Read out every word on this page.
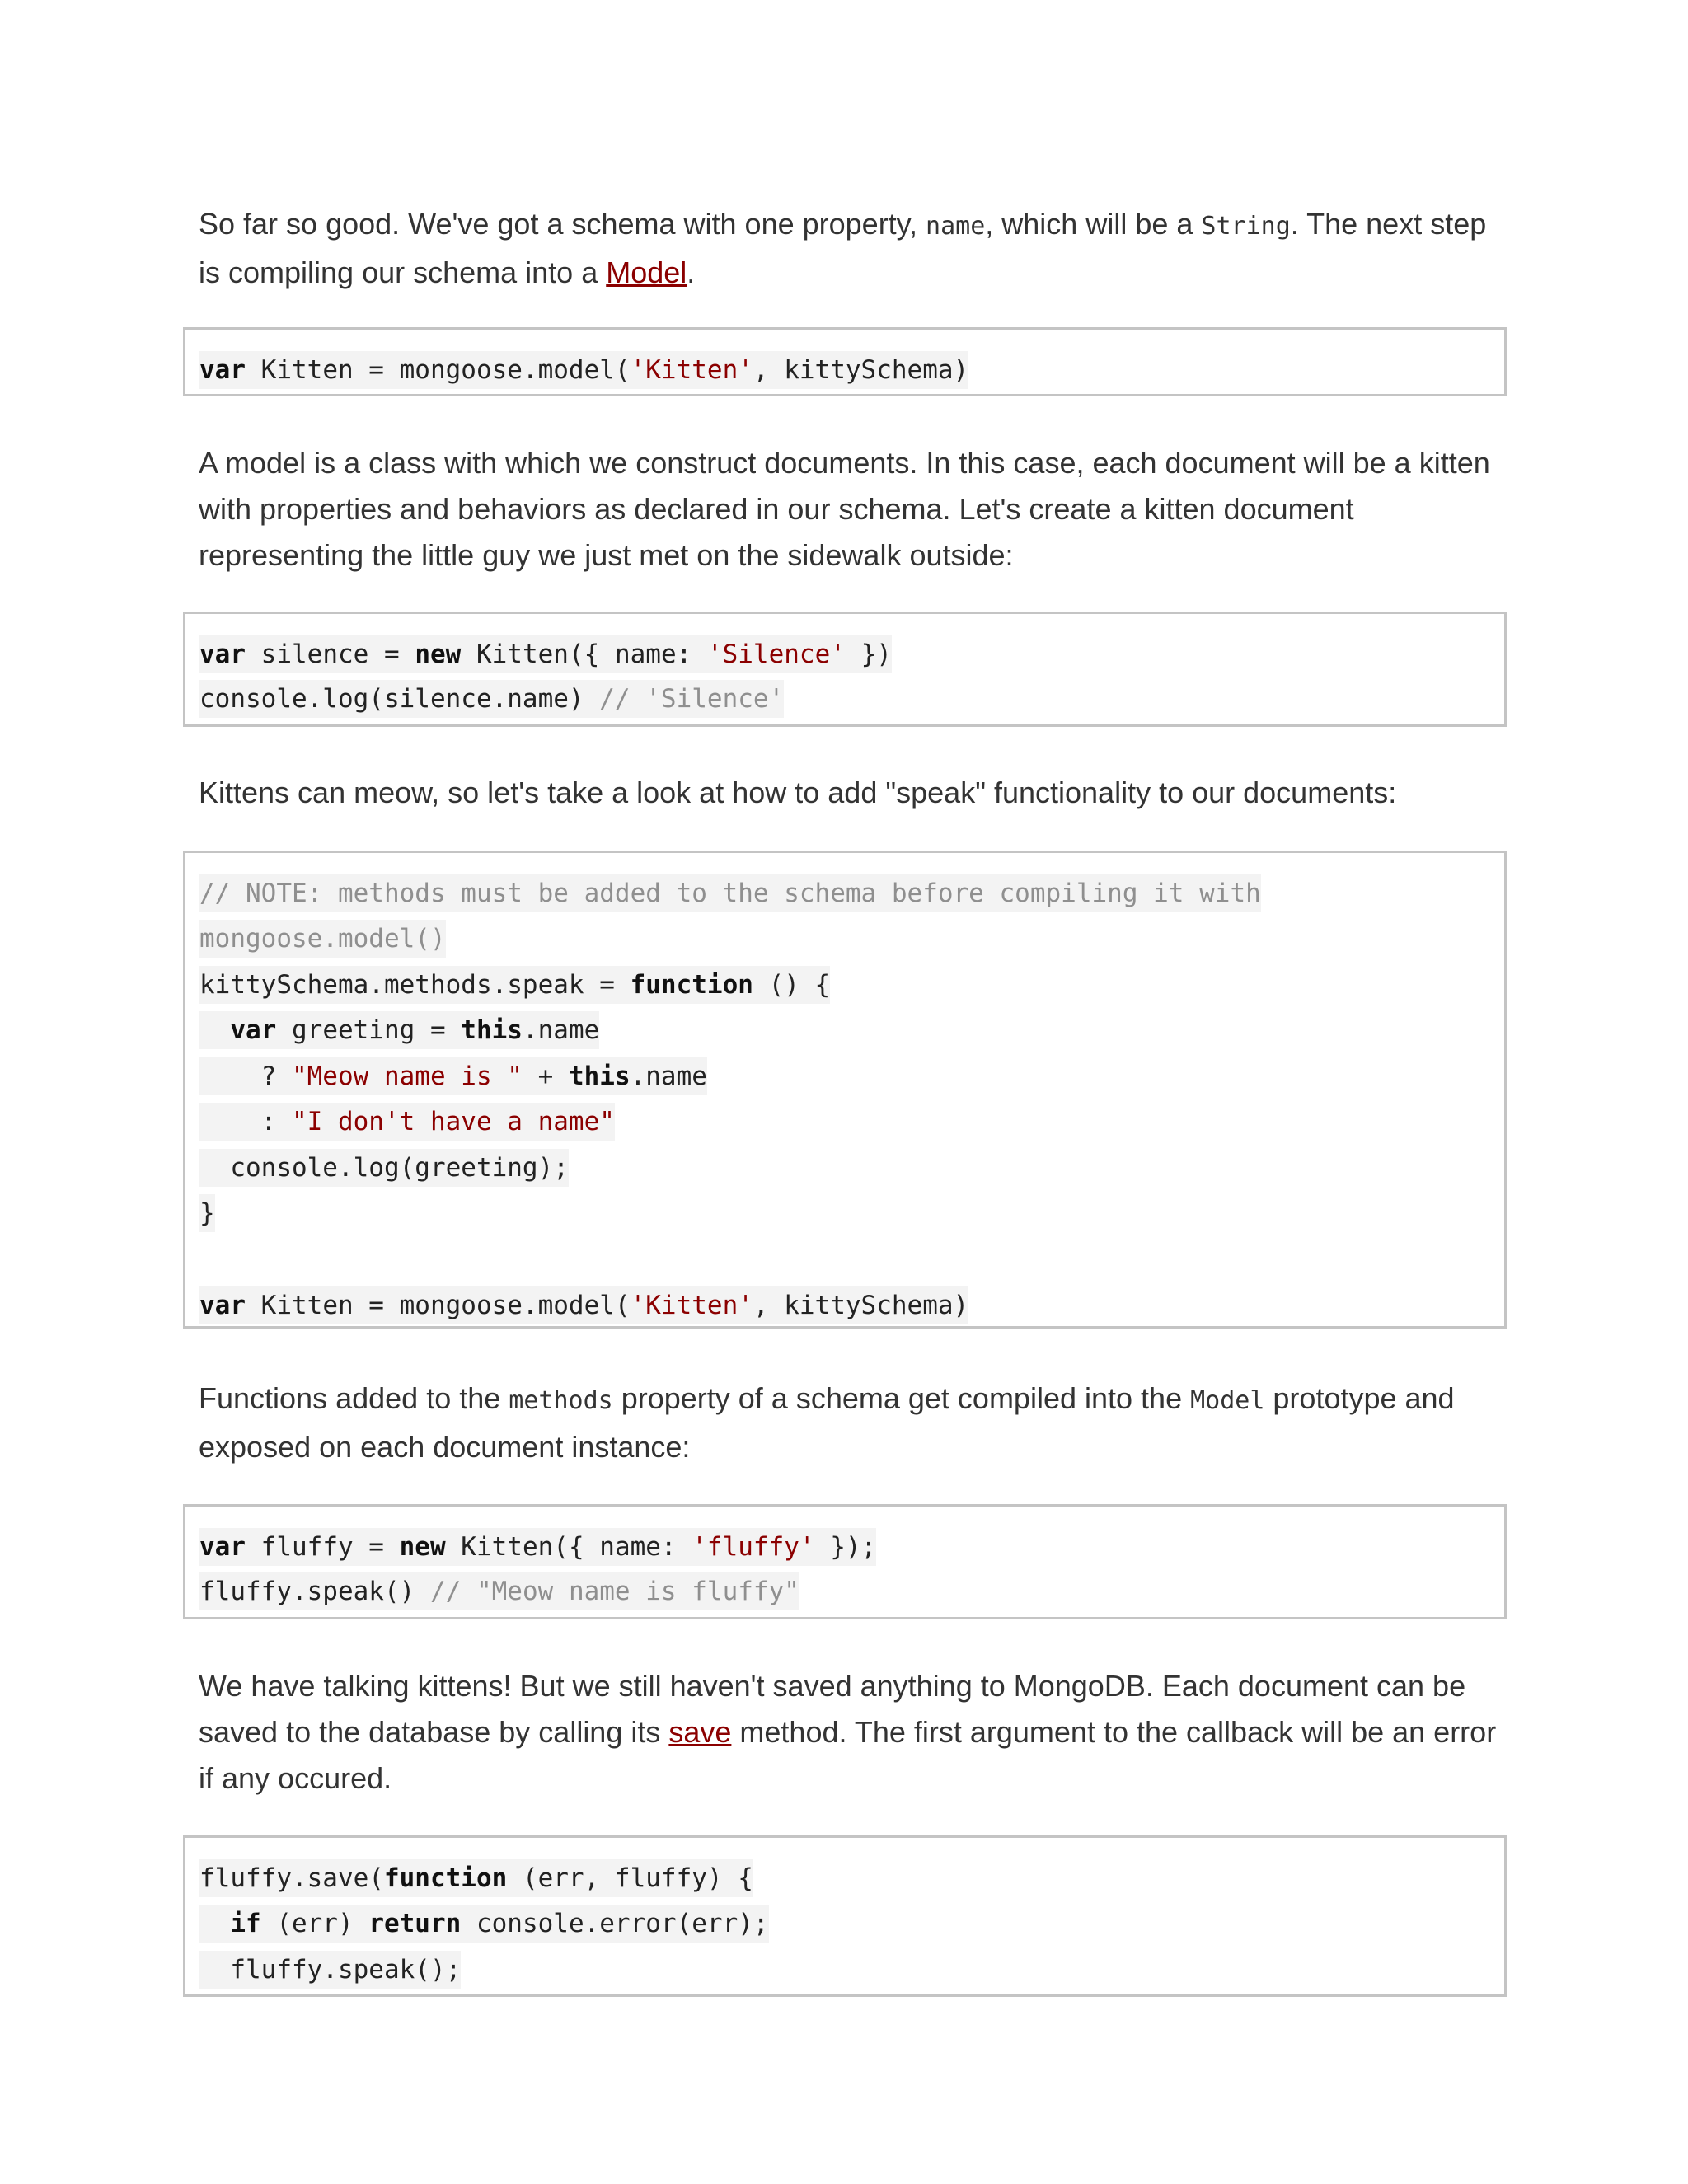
So far so good. We've got a schema with one property, name, which will be a String. The next step is compiling our schema into a Model.

var Kitten = mongoose.model('Kitten', kittySchema)

A model is a class with which we construct documents. In this case, each document will be a kitten with properties and behaviors as declared in our schema. Let's create a kitten document representing the little guy we just met on the sidewalk outside:

var silence = new Kitten({ name: 'Silence' })
console.log(silence.name) // 'Silence'

Kittens can meow, so let's take a look at how to add "speak" functionality to our documents:

// NOTE: methods must be added to the schema before compiling it with
mongoose.model()
kittySchema.methods.speak = function () {
var greeting = this.name
? "Meow name is " + this.name
: "I don't have a name"
console.log(greeting);
}
var Kitten = mongoose.model('Kitten', kittySchema)

Functions added to the methods property of a schema get compiled into the Model prototype and exposed on each document instance:

var fluffy = new Kitten({ name: 'fluffy' });
fluffy.speak() // "Meow name is fluffy"

We have talking kittens! But we still haven't saved anything to MongoDB. Each document can be saved to the database by calling its save method. The first argument to the callback will be an error if any occured.

fluffy.save(function (err, fluffy) {
if (err) return console.error(err);
fluffy.speak();
